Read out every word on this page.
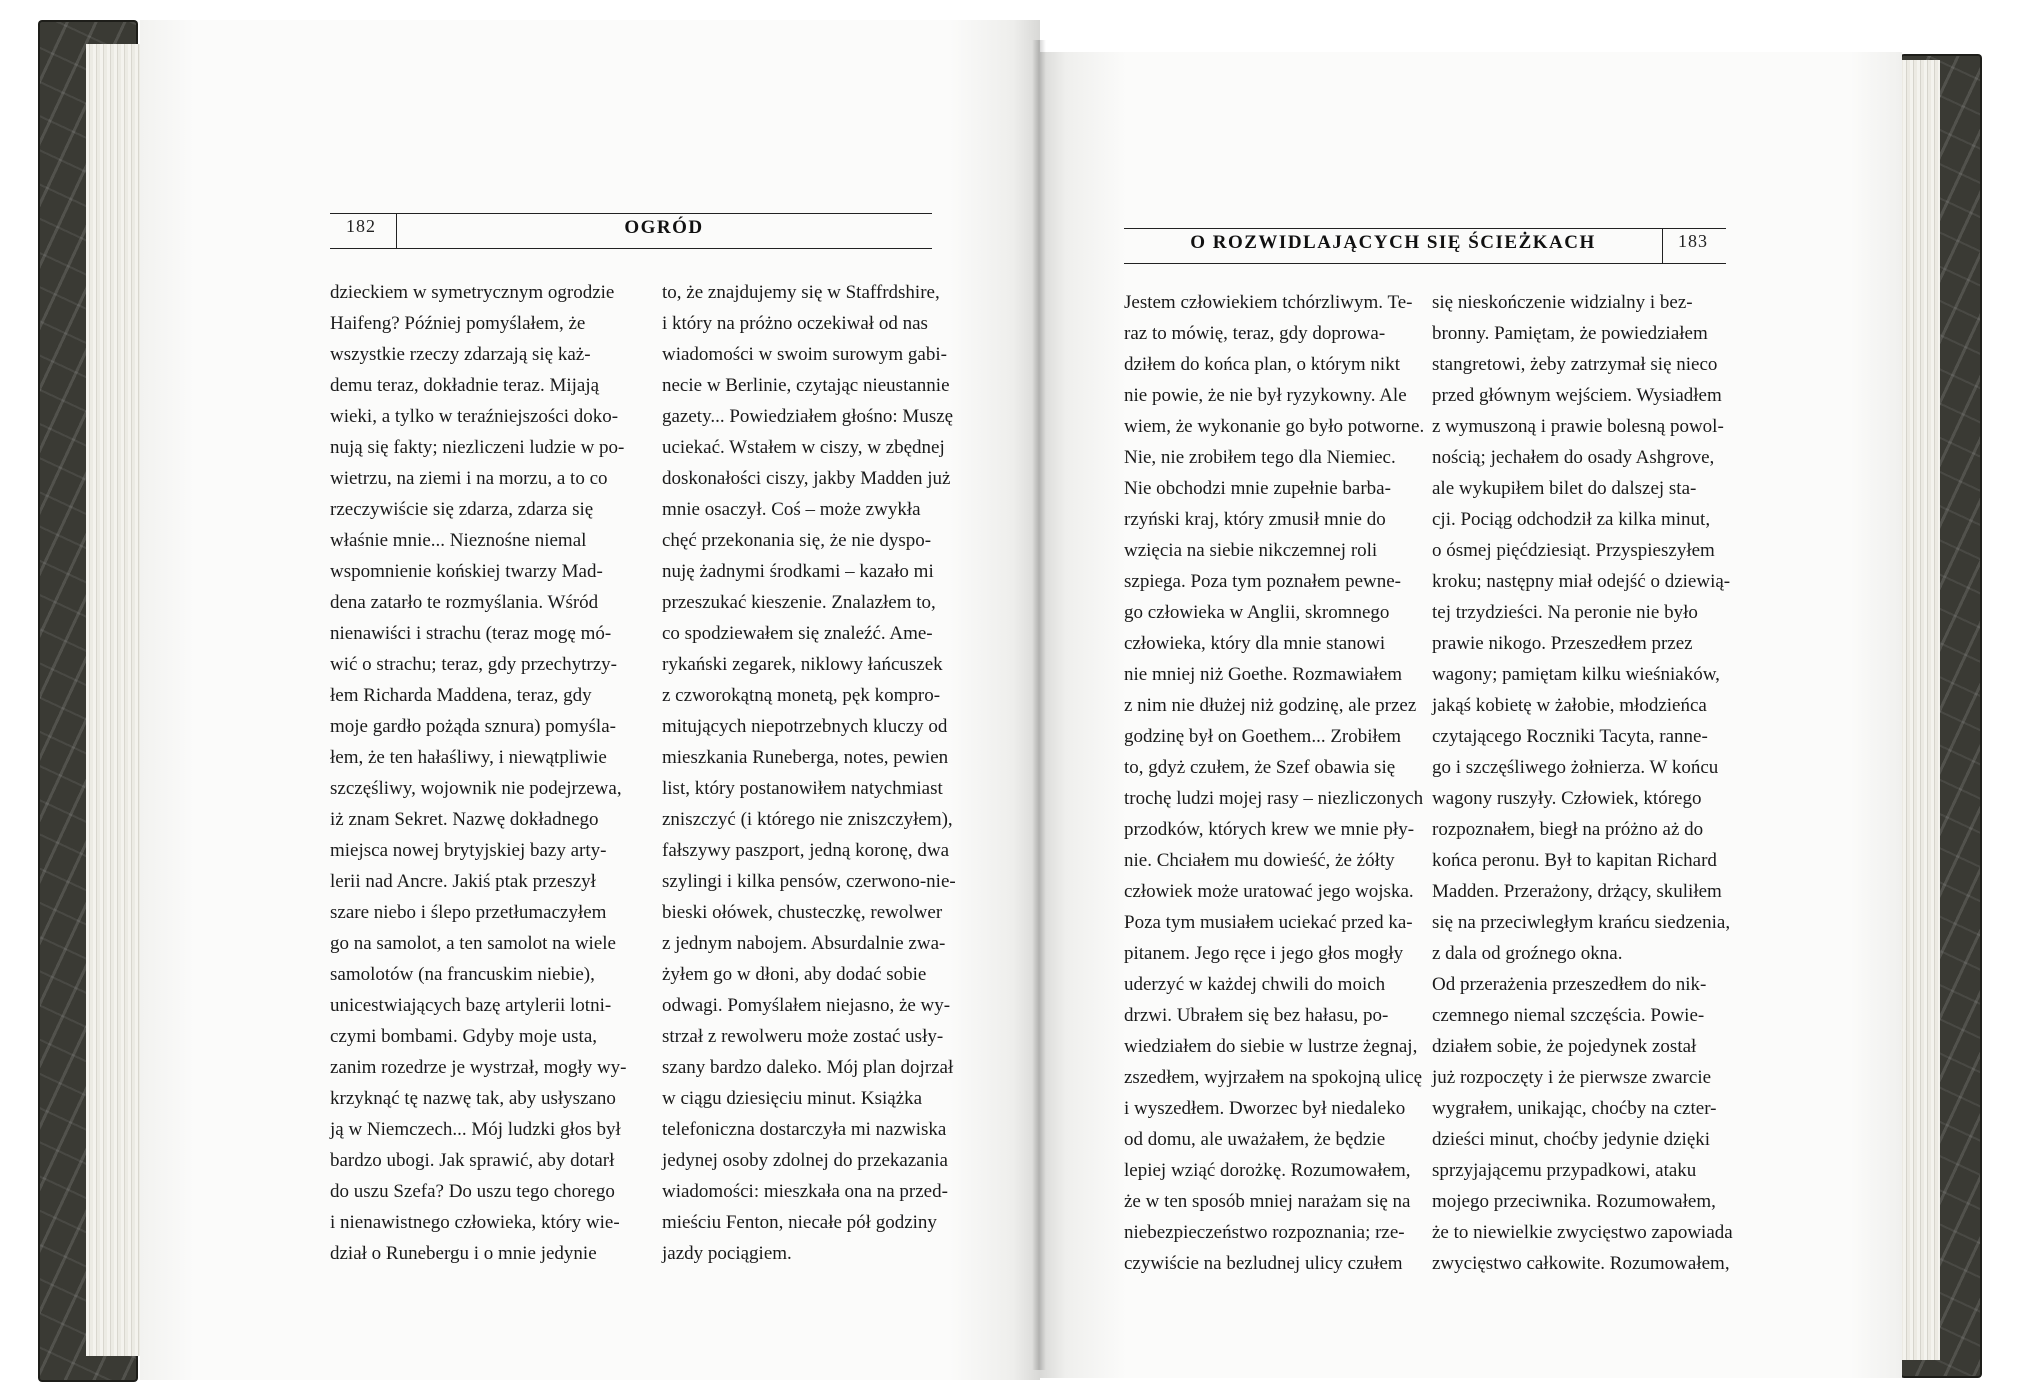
182	OGRÓD
O ROZWIDLAJĄCYCH SIĘ ŚCIEŻKACH	183
dzieckiem w symetrycznym ogrodzie
Haifeng? Później pomyślałem, że
wszystkie rzeczy zdarzają się każ-
demu teraz, dokładnie teraz. Mijają
wieki, a tylko w teraźniejszości doko-
nują się fakty; niezliczeni ludzie w po-
wietrzu, na ziemi i na morzu, a to co
rzeczywiście się zdarza, zdarza się
właśnie mnie... Nieznośne niemal
wspomnienie końskiej twarzy Mad-
dena zatarło te rozmyślania. Wśród
nienawiści i strachu (teraz mogę mó-
wić o strachu; teraz, gdy przechytrzy-
łem Richarda Maddena, teraz, gdy
moje gardło pożąda sznura) pomyśla-
łem, że ten hałaśliwy, i niewątpliwie
szczęśliwy, wojownik nie podejrzewa,
iż znam Sekret. Nazwę dokładnego
miejsca nowej brytyjskiej bazy arty-
lerii nad Ancre. Jakiś ptak przeszył
szare niebo i ślepo przetłumaczyłem
go na samolot, a ten samolot na wiele
samolotów (na francuskim niebie),
unicestwiających bazę artylerii lotni-
czymi bombami. Gdyby moje usta,
zanim rozedrze je wystrzał, mogły wy-
krzyknąć tę nazwę tak, aby usłyszano
ją w Niemczech... Mój ludzki głos był
bardzo ubogi. Jak sprawić, aby dotarł
do uszu Szefa? Do uszu tego chorego
i nienawistnego człowieka, który wie-
dział o Runebergu i o mnie jedynie
to, że znajdujemy się w Staffrdshire,
i który na próżno oczekiwał od nas
wiadomości w swoim surowym gabi-
necie w Berlinie, czytając nieustannie
gazety... Powiedziałem głośno: Muszę
uciekać. Wstałem w ciszy, w zbędnej
doskonałości ciszy, jakby Madden już
mnie osaczył. Coś – może zwykła
chęć przekonania się, że nie dyspo-
nuję żadnymi środkami – kazało mi
przeszukać kieszenie. Znalazłem to,
co spodziewałem się znaleźć. Ame-
rykański zegarek, niklowy łańcuszek
z czworokątną monetą, pęk kompro-
mitujących niepotrzebnych kluczy od
mieszkania Runeberga, notes, pewien
list, który postanowiłem natychmiast
zniszczyć (i którego nie zniszczyłem),
fałszywy paszport, jedną koronę, dwa
szylingi i kilka pensów, czerwono-nie-
bieski ołówek, chusteczkę, rewolwer
z jednym nabojem. Absurdalnie zwa-
żyłem go w dłoni, aby dodać sobie
odwagi. Pomyślałem niejasno, że wy-
strzał z rewolweru może zostać usły-
szany bardzo daleko. Mój plan dojrzał
w ciągu dziesięciu minut. Książka
telefoniczna dostarczyła mi nazwiska
jedynej osoby zdolnej do przekazania
wiadomości: mieszkała ona na przed-
mieściu Fenton, niecałe pół godziny
jazdy pociągiem.
Jestem człowiekiem tchórzliwym. Te-
raz to mówię, teraz, gdy doprowa-
dziłem do końca plan, o którym nikt
nie powie, że nie był ryzykowny. Ale
wiem, że wykonanie go było potworne.
Nie, nie zrobiłem tego dla Niemiec.
Nie obchodzi mnie zupełnie barba-
rzyński kraj, który zmusił mnie do
wzięcia na siebie nikczemnej roli
szpiega. Poza tym poznałem pewne-
go człowieka w Anglii, skromnego
człowieka, który dla mnie stanowi
nie mniej niż Goethe. Rozmawiałem
z nim nie dłużej niż godzinę, ale przez
godzinę był on Goethem... Zrobiłem
to, gdyż czułem, że Szef obawia się
trochę ludzi mojej rasy – niezliczonych
przodków, których krew we mnie pły-
nie. Chciałem mu dowieść, że żółty
człowiek może uratować jego wojska.
Poza tym musiałem uciekać przed ka-
pitanem. Jego ręce i jego głos mogły
uderzyć w każdej chwili do moich
drzwi. Ubrałem się bez hałasu, po-
wiedziałem do siebie w lustrze żegnaj,
zszedłem, wyjrzałem na spokojną ulicę
i wyszedłem. Dworzec był niedaleko
od domu, ale uważałem, że będzie
lepiej wziąć dorożkę. Rozumowałem,
że w ten sposób mniej narażam się na
niebezpieczeństwo rozpoznania; rze-
czywiście na bezludnej ulicy czułem
się nieskończenie widzialny i bez-
bronny. Pamiętam, że powiedziałem
stangretowi, żeby zatrzymał się nieco
przed głównym wejściem. Wysiadłem
z wymuszoną i prawie bolesną powol-
nością; jechałem do osady Ashgrove,
ale wykupiłem bilet do dalszej sta-
cji. Pociąg odchodził za kilka minut,
o ósmej pięćdziesiąt. Przyspieszyłem
kroku; następny miał odejść o dziewią-
tej trzydzieści. Na peronie nie było
prawie nikogo. Przeszedłem przez
wagony; pamiętam kilku wieśniaków,
jakąś kobietę w żałobie, młodzieńca
czytającego Roczniki Tacyta, ranne-
go i szczęśliwego żołnierza. W końcu
wagony ruszyły. Człowiek, którego
rozpoznałem, biegł na próżno aż do
końca peronu. Był to kapitan Richard
Madden. Przerażony, drżący, skuliłem
się na przeciwległym krańcu siedzenia,
z dala od groźnego okna.
Od przerażenia przeszedłem do nik-
czemnego niemal szczęścia. Powie-
działem sobie, że pojedynek został
już rozpoczęty i że pierwsze zwarcie
wygrałem, unikając, choćby na czter-
dzieści minut, choćby jedynie dzięki
sprzyjającemu przypadkowi, ataku
mojego przeciwnika. Rozumowałem,
że to niewielkie zwycięstwo zapowiada
zwycięstwo całkowite. Rozumowałem,
